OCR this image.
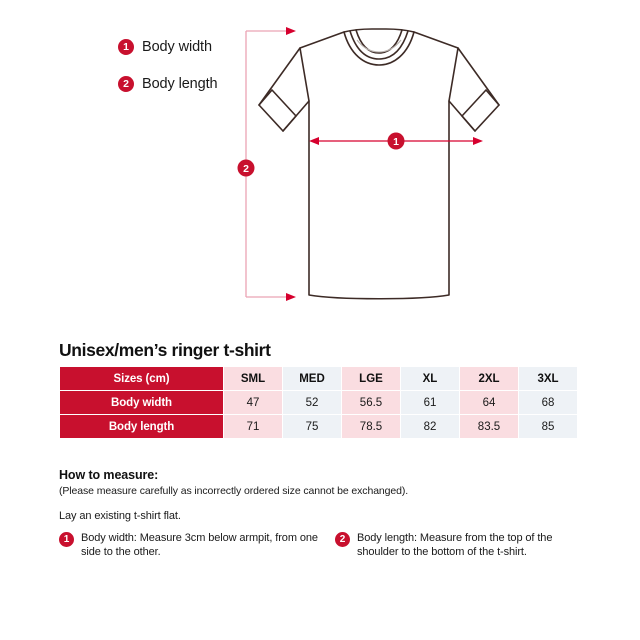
1
2
1 Body width
2 Body length
Unisex/men’s ringer t-shirt
Sizes (cm)	SML	MED	LGE	XL	2XL	3XL
Body width	47	52	56.5	61	64	68
Body length	71	75	78.5	82	83.5	85
How to measure:
(Please measure carefully as incorrectly ordered size cannot be exchanged).
Lay an existing t-shirt flat.
1	Body width: Measure 3cm below armpit, from one side to the other.
2	Body length: Measure from the top of the shoulder to the bottom of the t-shirt.
